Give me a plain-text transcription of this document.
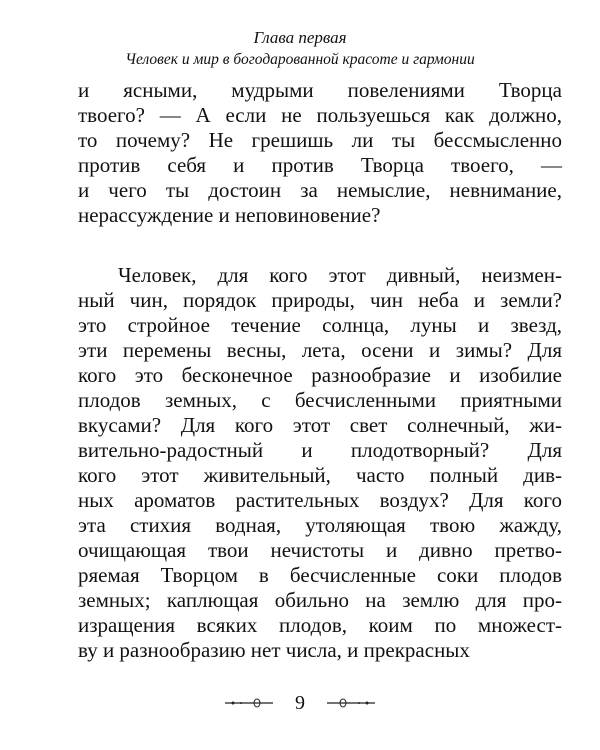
Глава первая
Человек и мир в богодарованной красоте и гармонии
и ясными, мудрыми повелениями Творца
твоего? — А если не пользуешься как должно,
то почему? Не грешишь ли ты бессмысленно
против себя и против Творца твоего, —
и чего ты достоин за немыслие, невнимание,
нерассуждение и неповиновение?
Человек, для кого этот дивный, неизмен-
ный чин, порядок природы, чин неба и земли?
это стройное течение солнца, луны и звезд,
эти перемены весны, лета, осени и зимы? Для
кого это бесконечное разнообразие и изобилие
плодов земных, с бесчисленными приятными
вкусами? Для кого этот свет солнечный, жи-
вительно-радостный и плодотворный? Для
кого этот живительный, часто полный див-
ных ароматов растительных воздух? Для кого
эта стихия водная, утоляющая твою жажду,
очищающая твои нечистоты и дивно претво-
ряемая Творцом в бесчисленные соки плодов
земных; каплющая обильно на землю для про-
изращения всяких плодов, коим по множест-
ву и разнообразию нет числа, и прекрасных
9
